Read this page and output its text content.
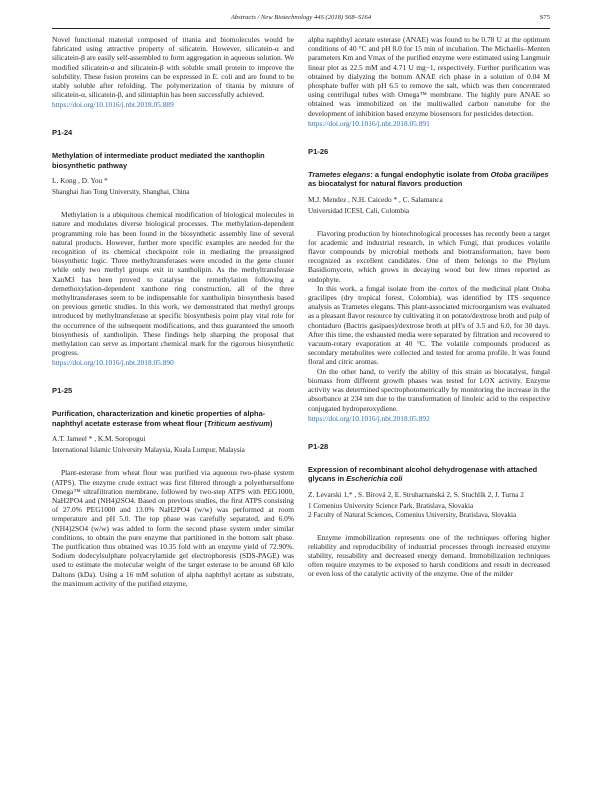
Abstracts / New Biotechnology 44S (2018) S68–S164	S75

Novel functional material composed of titania and biomolecules would be fabricated using attractive property of silicatein. However, silicatein-α and silicatein-β are easily self-assembled to form aggregation in aqueous solution. We modified silicatein-α and silicatein-β with soluble small protein to improve the solubility. These fusion proteins can be expressed in E. coli and are found to be stably soluble after refolding. The polymerization of titania by mixture of silicatein-α, silicatein-β, and silintaphin has been successfully achieved.

https://doi.org/10.1016/j.nbt.2018.05.889
P1-24
Methylation of intermediate product mediated the xanthoplin biosynthetic pathway
L. Kong , D. You *
Shanghai Jiao Tong University, Shanghai, China

Methylation is a ubiquitous chemical modification of biological molecules in nature and modulates diverse biological processes. The methylation-dependent programming role has been found in the biosynthetic assembly line of several natural products. However, further more specific examples are needed for the recognition of its chemical checkpoint role in mediating the preassigned biosynthetic logic. Three methyltransferases were encoded in the gene cluster while only two methyl groups exit in xantholipin. As the methyltransferase XanM3 has been proved to catalyse the remethylation following a demethoxylation-dependent xanthone ring construction, all of the three methyltransferases seem to be indispensable for xantholipin biosynthesis based on previous genetic studies. In this work, we demonstrated that methyl groups introduced by methyltransferase at specific biosynthesis point play vital role for the occurrence of the subsequent modifications, and thus guaranteed the smooth biosynthesis of xantholipin. These findings help sharping the proposal that methylation can serve as important chemical mark for the rigorous biosynthetic progress.

https://doi.org/10.1016/j.nbt.2018.05.890
P1-25
Purification, characterization and kinetic properties of alpha-naphthyl acetate esterase from wheat flour (Triticum aestivum)
A.T. Jameel * , K.M. Soropogui
International Islamic University Malaysia, Kuala Lumpur, Malaysia

Plant-esterase from wheat flour was purified via aqueous two-phase system (ATPS). The enzyme crude extract was first filtered through a polyethersulfone Omega™ ultrafiltration membrane, followed by two-step ATPS with PEG1000, NaH2PO4 and (NH4)2SO4. Based on previous studies, the first ATPS consisting of 27.0% PEG1000 and 13.0% NaH2PO4 (w/w) was performed at room temperature and pH 5.0. The top phase was carefully separated, and 6.0% (NH4)2SO4 (w/w) was added to form the second phase system under similar conditions, to obtain the pure enzyme that partitioned in the bottom salt phase. The purification thus obtained was 10.35 fold with an enzyme yield of 72.90%. Sodium dodecylsulphate polyacrylamide gel electrophoresis (SDS-PAGE) was used to estimate the molecular weight of the target esterase to be around 68 kilo Daltons (kDa). Using a 16 mM solution of alpha naphthyl acetate as substrate, the maximum activity of the purified enzyme,

alpha naphthyl acetate esterase (ANAE) was found to be 0.78 U at the optimum conditions of 40 °C and pH 8.0 for 15 min of incubation. The Michaelis–Menten parameters Km and Vmax of the purified enzyme were estimated using Langmuir linear plot as 22.5 mM and 4.71 U mg−1, respectively. Further purification was obtained by dialyzing the bottom ANAE rich phase in a solution of 0.04 M phosphate buffer with pH 6.5 to remove the salt, which was then concentrated using centrifugal tubes with Omega™ membrane. The highly pure ANAE so obtained was immobilized on the multiwalled carbon nanotube for the development of inhibition based enzyme biosensors for pesticides detection.

https://doi.org/10.1016/j.nbt.2018.05.891
P1-26
Trametes elegans: a fungal endophytic isolate from Otoba gracilipes as biocatalyst for natural flavors production
M.J. Mendez , N.H. Caicedo * , C. Salamanca
Universidad ICESI, Cali, Colombia

Flavoring production by biotechnological processes has recently been a target for academic and industrial research, in which Fungi, that produces volatile flavor compounds by microbial methods and biotransformation, have been recognized as excellent candidates. One of them belongs to the Phylum Basidiomycete, which grows in decaying wood but few times reported as endophyte.

In this work, a fungal isolate from the cortex of the medicinal plant Otoba gracilipes (dry tropical forest, Colombia), was identified by ITS sequence analysis as Trametes elegans. This plant-associated microorganism was evaluated as a pleasant flavor resource by cultivating it on potato/dextrose broth and pulp of chontaduro (Bactris gasipaes)/dextrose broth at pH's of 3.5 and 6.0, for 30 days. After this time, the exhausted media were separated by filtration and recovered to vacuum-rotary evaporation at 40 °C. The volatile compounds produced as secondary metabolites were collected and tested for aroma profile. It was found floral and citric aromas.

On the other hand, to verify the ability of this strain as biocatalyst, fungal biomass from different growth phases was tested for LOX activity. Enzyme activity was determined spectrophotometrically by monitoring the increase in the absorbance at 234 nm due to the transformation of linoleic acid to the respective conjugated hydroperoxydiene.

https://doi.org/10.1016/j.nbt.2018.05.892
P1-28
Expression of recombinant alcohol dehydrogenase with attached glycans in Escherichia coli
Z. Levarski 1,* , S. Bírová 2, E. Struharnanská 2, S. Stuchlík 2, J. Turna 2
1 Comenius University Science Park, Bratislava, Slovakia
2 Faculty of Natural Sciences, Comenius University, Bratislava, Slovakia

Enzyme immobilization represents one of the techniques offering higher reliability and reproducibility of industrial processes through increased enzyme stability, reusability and decreased energy demand. Immobilization techniques often require enzymes to be exposed to harsh conditions and result in decreased or even loss of the catalytic activity of the enzyme. One of the milder
